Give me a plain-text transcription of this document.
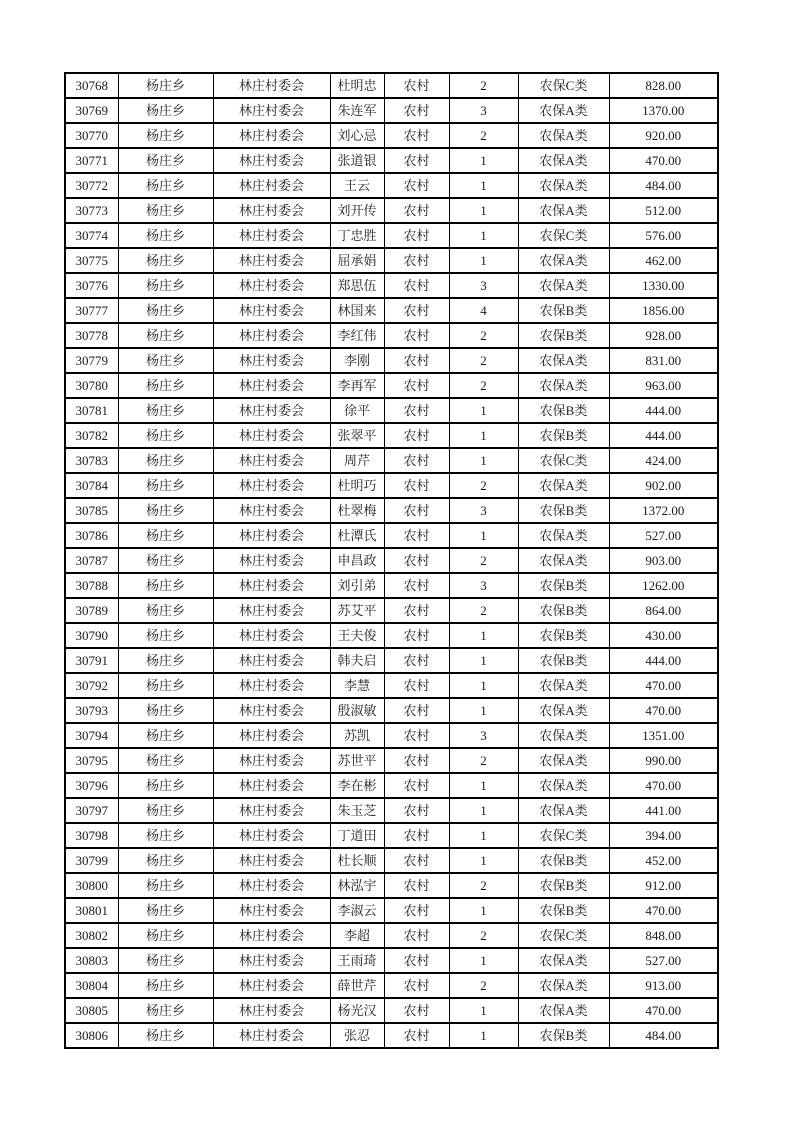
30768	杨庄乡	林庄村委会	杜明忠	农村	2	农保C类	828.00
30769	杨庄乡	林庄村委会	朱连军	农村	3	农保A类	1370.00
30770	杨庄乡	林庄村委会	刘心忌	农村	2	农保A类	920.00
30771	杨庄乡	林庄村委会	张道银	农村	1	农保A类	470.00
30772	杨庄乡	林庄村委会	王云	农村	1	农保A类	484.00
30773	杨庄乡	林庄村委会	刘开传	农村	1	农保A类	512.00
30774	杨庄乡	林庄村委会	丁忠胜	农村	1	农保C类	576.00
30775	杨庄乡	林庄村委会	屈承娟	农村	1	农保A类	462.00
30776	杨庄乡	林庄村委会	郑思伍	农村	3	农保A类	1330.00
30777	杨庄乡	林庄村委会	林国来	农村	4	农保B类	1856.00
30778	杨庄乡	林庄村委会	李红伟	农村	2	农保B类	928.00
30779	杨庄乡	林庄村委会	李刚	农村	2	农保A类	831.00
30780	杨庄乡	林庄村委会	李再军	农村	2	农保A类	963.00
30781	杨庄乡	林庄村委会	徐平	农村	1	农保B类	444.00
30782	杨庄乡	林庄村委会	张翠平	农村	1	农保B类	444.00
30783	杨庄乡	林庄村委会	周芹	农村	1	农保C类	424.00
30784	杨庄乡	林庄村委会	杜明巧	农村	2	农保A类	902.00
30785	杨庄乡	林庄村委会	杜翠梅	农村	3	农保B类	1372.00
30786	杨庄乡	林庄村委会	杜潭氏	农村	1	农保A类	527.00
30787	杨庄乡	林庄村委会	申昌政	农村	2	农保A类	903.00
30788	杨庄乡	林庄村委会	刘引弟	农村	3	农保B类	1262.00
30789	杨庄乡	林庄村委会	苏艾平	农村	2	农保B类	864.00
30790	杨庄乡	林庄村委会	王夫俊	农村	1	农保B类	430.00
30791	杨庄乡	林庄村委会	韩夫启	农村	1	农保B类	444.00
30792	杨庄乡	林庄村委会	李慧	农村	1	农保A类	470.00
30793	杨庄乡	林庄村委会	殷淑敏	农村	1	农保A类	470.00
30794	杨庄乡	林庄村委会	苏凯	农村	3	农保A类	1351.00
30795	杨庄乡	林庄村委会	苏世平	农村	2	农保A类	990.00
30796	杨庄乡	林庄村委会	李在彬	农村	1	农保A类	470.00
30797	杨庄乡	林庄村委会	朱玉芝	农村	1	农保A类	441.00
30798	杨庄乡	林庄村委会	丁道田	农村	1	农保C类	394.00
30799	杨庄乡	林庄村委会	杜长顺	农村	1	农保B类	452.00
30800	杨庄乡	林庄村委会	林泓宇	农村	2	农保B类	912.00
30801	杨庄乡	林庄村委会	李淑云	农村	1	农保B类	470.00
30802	杨庄乡	林庄村委会	李超	农村	2	农保C类	848.00
30803	杨庄乡	林庄村委会	王雨琦	农村	1	农保A类	527.00
30804	杨庄乡	林庄村委会	薛世芹	农村	2	农保A类	913.00
30805	杨庄乡	林庄村委会	杨光汉	农村	1	农保A类	470.00
30806	杨庄乡	林庄村委会	张忍	农村	1	农保B类	484.00
